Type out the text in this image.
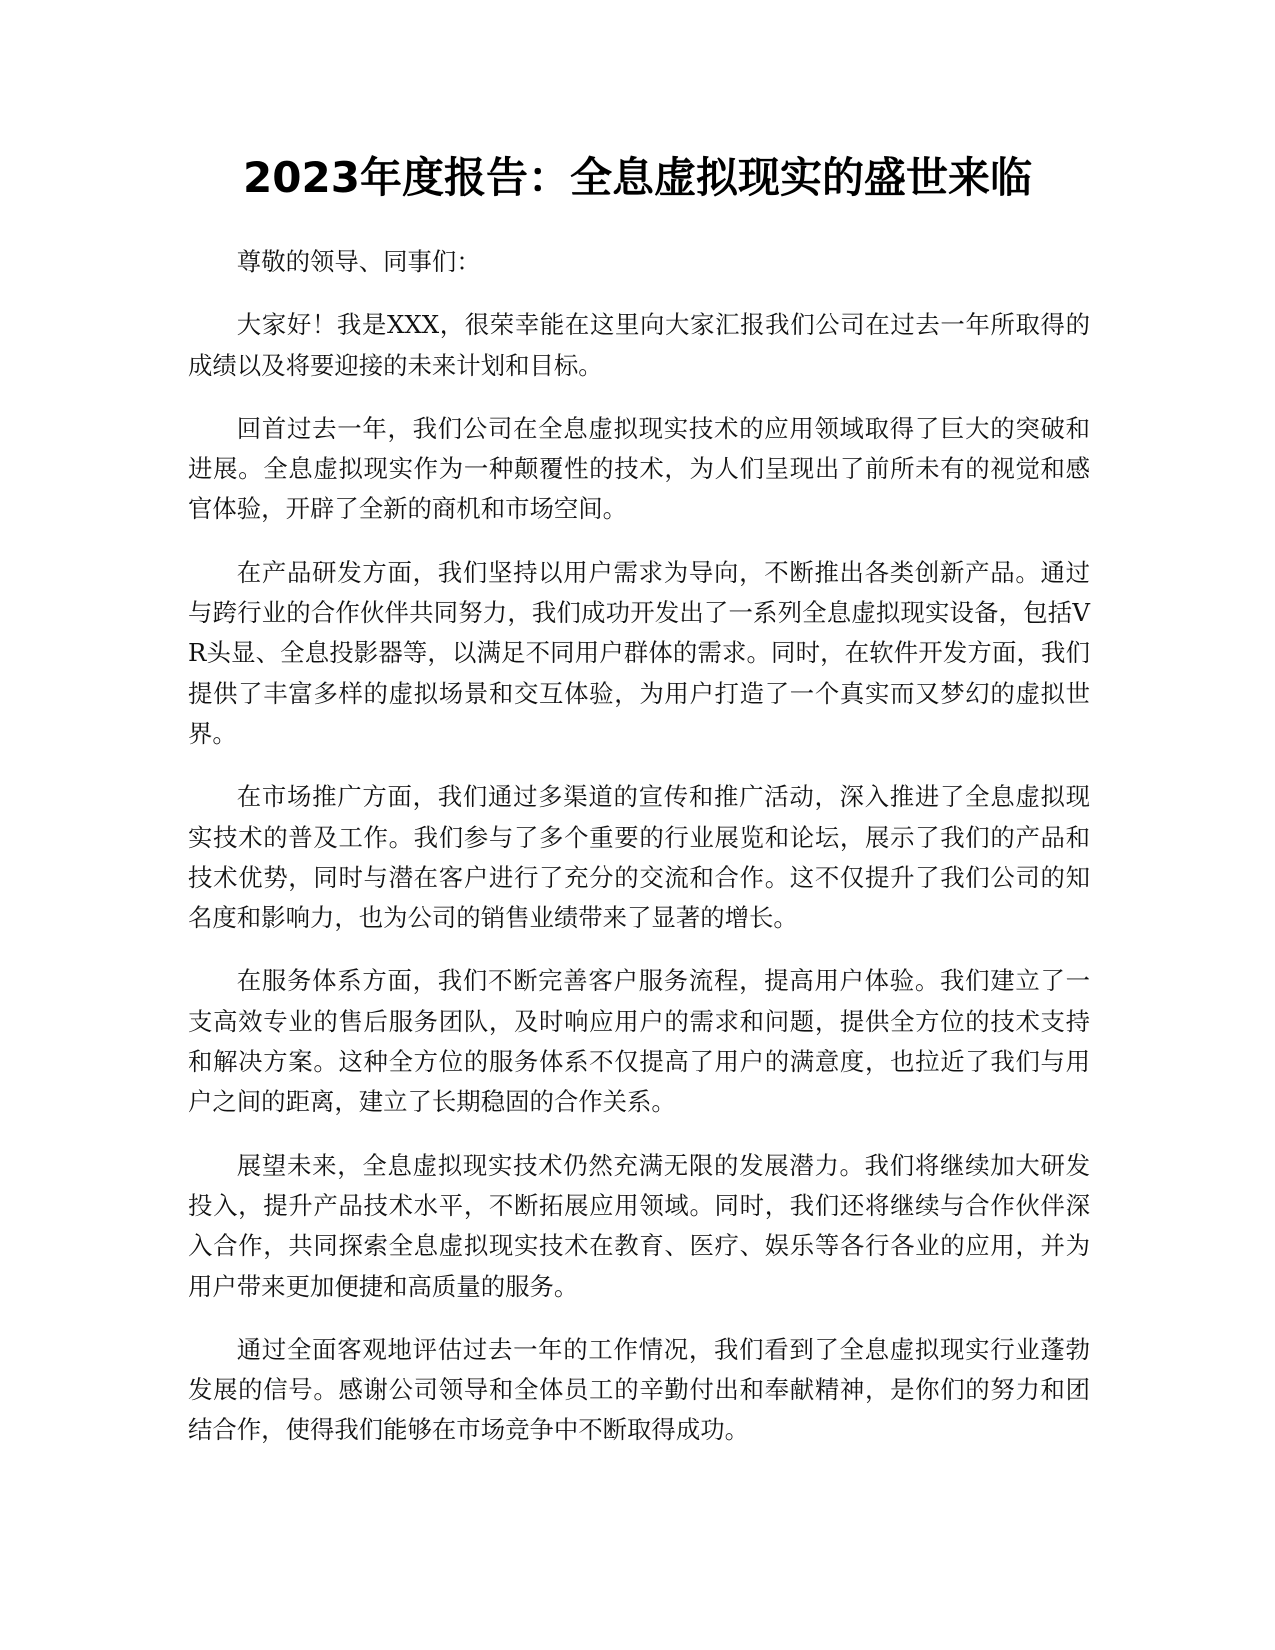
2023年度报告：全息虚拟现实的盛世来临

尊敬的领导、同事们：

大家好！我是XXX，很荣幸能在这里向大家汇报我们公司在过去一年所取得的成绩以及将要迎接的未来计划和目标。

回首过去一年，我们公司在全息虚拟现实技术的应用领域取得了巨大的突破和进展。全息虚拟现实作为一种颠覆性的技术，为人们呈现出了前所未有的视觉和感官体验，开辟了全新的商机和市场空间。

在产品研发方面，我们坚持以用户需求为导向，不断推出各类创新产品。通过与跨行业的合作伙伴共同努力，我们成功开发出了一系列全息虚拟现实设备，包括VR头显、全息投影器等，以满足不同用户群体的需求。同时，在软件开发方面，我们提供了丰富多样的虚拟场景和交互体验，为用户打造了一个真实而又梦幻的虚拟世界。

在市场推广方面，我们通过多渠道的宣传和推广活动，深入推进了全息虚拟现实技术的普及工作。我们参与了多个重要的行业展览和论坛，展示了我们的产品和技术优势，同时与潜在客户进行了充分的交流和合作。这不仅提升了我们公司的知名度和影响力，也为公司的销售业绩带来了显著的增长。

在服务体系方面，我们不断完善客户服务流程，提高用户体验。我们建立了一支高效专业的售后服务团队，及时响应用户的需求和问题，提供全方位的技术支持和解决方案。这种全方位的服务体系不仅提高了用户的满意度，也拉近了我们与用户之间的距离，建立了长期稳固的合作关系。

展望未来，全息虚拟现实技术仍然充满无限的发展潜力。我们将继续加大研发投入，提升产品技术水平，不断拓展应用领域。同时，我们还将继续与合作伙伴深入合作，共同探索全息虚拟现实技术在教育、医疗、娱乐等各行各业的应用，并为用户带来更加便捷和高质量的服务。

通过全面客观地评估过去一年的工作情况，我们看到了全息虚拟现实行业蓬勃发展的信号。感谢公司领导和全体员工的辛勤付出和奉献精神，是你们的努力和团结合作，使得我们能够在市场竞争中不断取得成功。
